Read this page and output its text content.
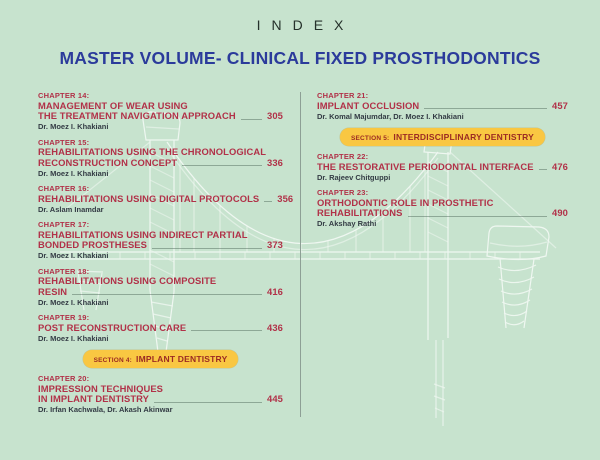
INDEX
MASTER VOLUME- CLINICAL FIXED PROSTHODONTICS
CHAPTER 14:
MANAGEMENT OF WEAR USING
THE TREATMENT NAVIGATION APPROACH	305
Dr. Moez I. Khakiani
CHAPTER 15:
REHABILITATIONS USING THE CHRONOLOGICAL
RECONSTRUCTION CONCEPT	336
Dr. Moez I. Khakiani
CHAPTER 16:
REHABILITATIONS USING DIGITAL PROTOCOLS 356
Dr. Aslam Inamdar
CHAPTER 17:
REHABILITATIONS USING INDIRECT PARTIAL
BONDED PROSTHESES	373
Dr. Moez I. Khakiani
CHAPTER 18:
REHABILITATIONS USING COMPOSITE
RESIN	416
Dr. Moez I. Khakiani
CHAPTER 19:
POST RECONSTRUCTION CARE	436
Dr. Moez I. Khakiani
SECTION 4: IMPLANT DENTISTRY
CHAPTER 20:
IMPRESSION TECHNIQUES
IN IMPLANT DENTISTRY	445
Dr. Irfan Kachwala, Dr. Akash Akinwar
CHAPTER 21:
IMPLANT OCCLUSION	457
Dr. Komal Majumdar, Dr. Moez I. Khakiani
SECTION 5: INTERDISCIPLINARY DENTISTRY
CHAPTER 22:
THE RESTORATIVE PERIODONTAL INTERFACE 476
Dr. Rajeev Chitguppi
CHAPTER 23:
ORTHODONTIC ROLE IN PROSTHETIC
REHABILITATIONS	490
Dr. Akshay Rathi
